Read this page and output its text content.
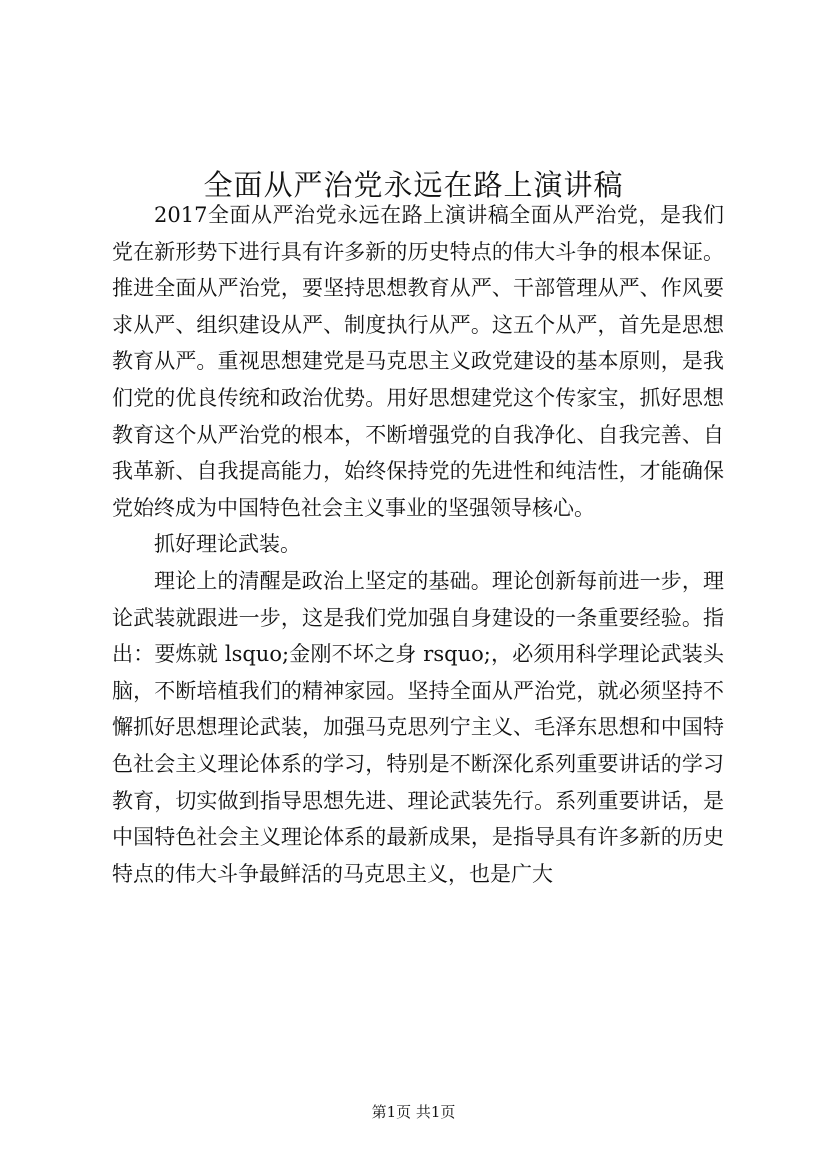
全面从严治党永远在路上演讲稿

2017全面从严治党永远在路上演讲稿全面从严治党，是我们党在新形势下进行具有许多新的历史特点的伟大斗争的根本保证。推进全面从严治党，要坚持思想教育从严、干部管理从严、作风要求从严、组织建设从严、制度执行从严。这五个从严，首先是思想教育从严。重视思想建党是马克思主义政党建设的基本原则，是我们党的优良传统和政治优势。用好思想建党这个传家宝，抓好思想教育这个从严治党的根本，不断增强党的自我净化、自我完善、自我革新、自我提高能力，始终保持党的先进性和纯洁性，才能确保党始终成为中国特色社会主义事业的坚强领导核心。

抓好理论武装。

理论上的清醒是政治上坚定的基础。理论创新每前进一步，理论武装就跟进一步，这是我们党加强自身建设的一条重要经验。指出：要炼就 lsquo;金刚不坏之身 rsquo;，必须用科学理论武装头脑，不断培植我们的精神家园。坚持全面从严治党，就必须坚持不懈抓好思想理论武装，加强马克思列宁主义、毛泽东思想和中国特色社会主义理论体系的学习，特别是不断深化系列重要讲话的学习教育，切实做到指导思想先进、理论武装先行。系列重要讲话，是中国特色社会主义理论体系的最新成果，是指导具有许多新的历史特点的伟大斗争最鲜活的马克思主义，也是广大

第1页 共1页
